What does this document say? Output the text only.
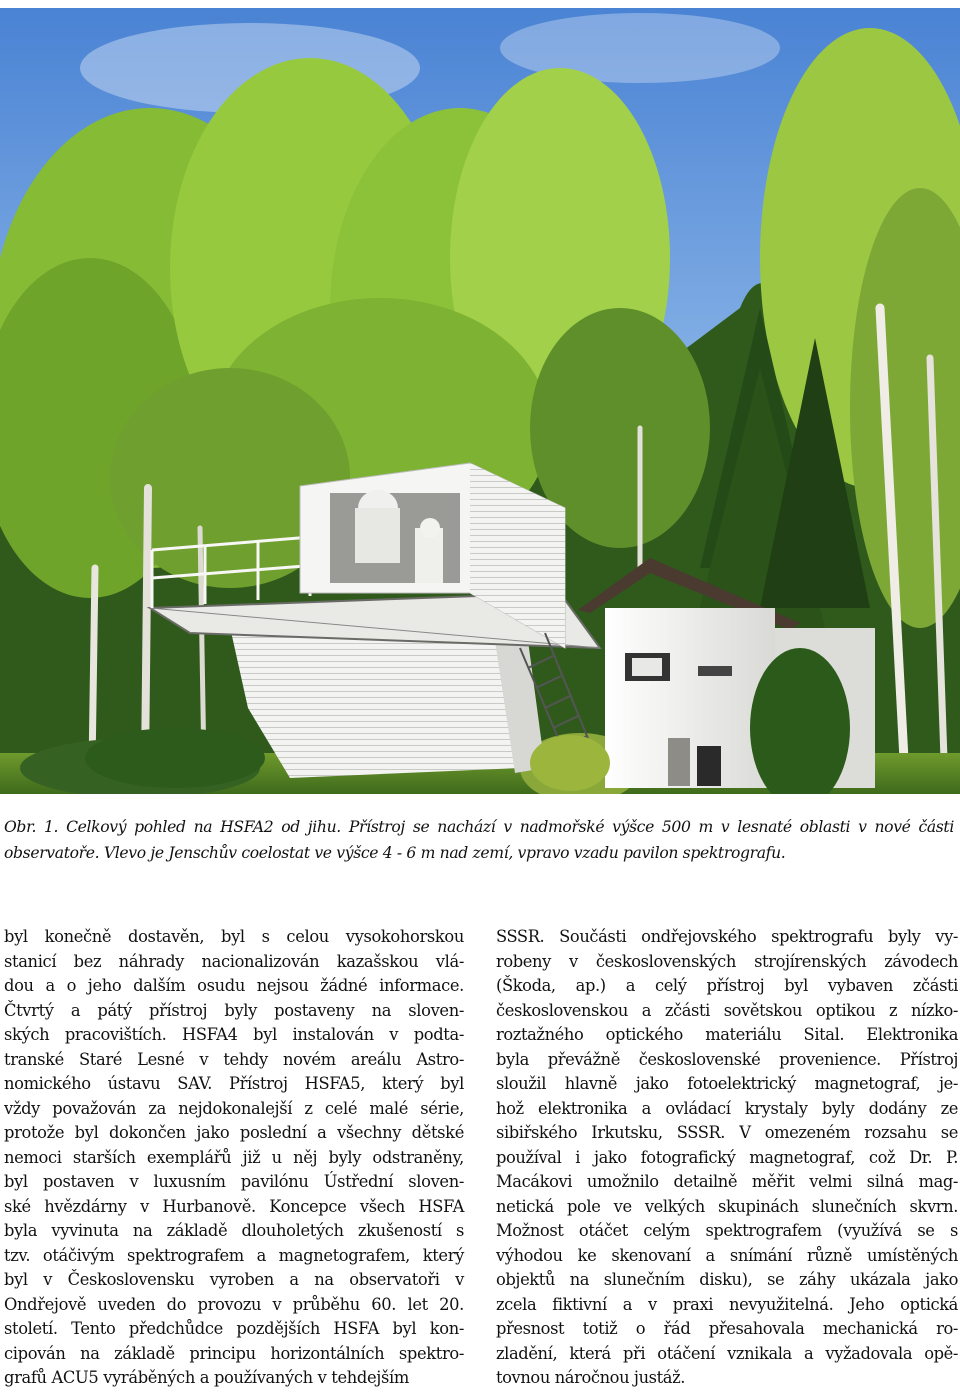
Obr. 1. Celkový pohled na HSFA2 od jihu. Přístroj se nachází v nadmořské výšce 500 m v lesnaté oblasti v nové části observatoře. Vlevo je Jenschův coelostat ve výšce 4 - 6 m nad zemí, vpravo vzadu pavilon spektrografu.
byl konečně dostavěn, byl s celou vysokohorskou
stanicí bez náhrady nacionalizován kazašskou vlá-
dou a o jeho dalším osudu nejsou žádné informace.
Čtvrtý a pátý přístroj byly postaveny na sloven-
ských pracovištích. HSFA4 byl instalován v podta-
transké Staré Lesné v tehdy novém areálu Astro-
nomického ústavu SAV. Přístroj HSFA5, který byl
vždy považován za nejdokonalejší z celé malé série,
protože byl dokončen jako poslední a všechny dětské
nemoci starších exemplářů již u něj byly odstraněny,
byl postaven v luxusním pavilónu Ústřední sloven-
ské hvězdárny v Hurbanově. Koncepce všech HSFA
byla vyvinuta na základě dlouholetých zkušeností s
tzv. otáčivým spektrografem a magnetografem, který
byl v Československu vyroben a na observatoři v
Ondřejově uveden do provozu v průběhu 60. let 20.
století. Tento předchůdce pozdějších HSFA byl kon-
cipován na základě principu horizontálních spektro-
grafů ACU5 vyráběných a používaných v tehdejším
SSSR. Součásti ondřejovského spektrografu byly vy-
robeny v československých strojírenských závodech
(Škoda, ap.) a celý přístroj byl vybaven zčásti
československou a zčásti sovětskou optikou z nízko-
roztažného optického materiálu Sital. Elektronika
byla převážně československé provenience. Přístroj
sloužil hlavně jako fotoelektrický magnetograf, je-
hož elektronika a ovládací krystaly byly dodány ze
sibiřského Irkutsku, SSSR. V omezeném rozsahu se
používal i jako fotografický magnetograf, což Dr. P.
Macákovi umožnilo detailně měřit velmi silná mag-
netická pole ve velkých skupinách slunečních skvrn.
Možnost otáčet celým spektrografem (využívá se s
výhodou ke skenovaní a snímání různě umístěných
objektů na slunečním disku), se záhy ukázala jako
zcela fiktivní a v praxi nevyužitelná. Jeho optická
přesnost totiž o řád přesahovala mechanická ro-
zladění, která při otáčení vznikala a vyžadovala opě-
tovnou náročnou justáž.
